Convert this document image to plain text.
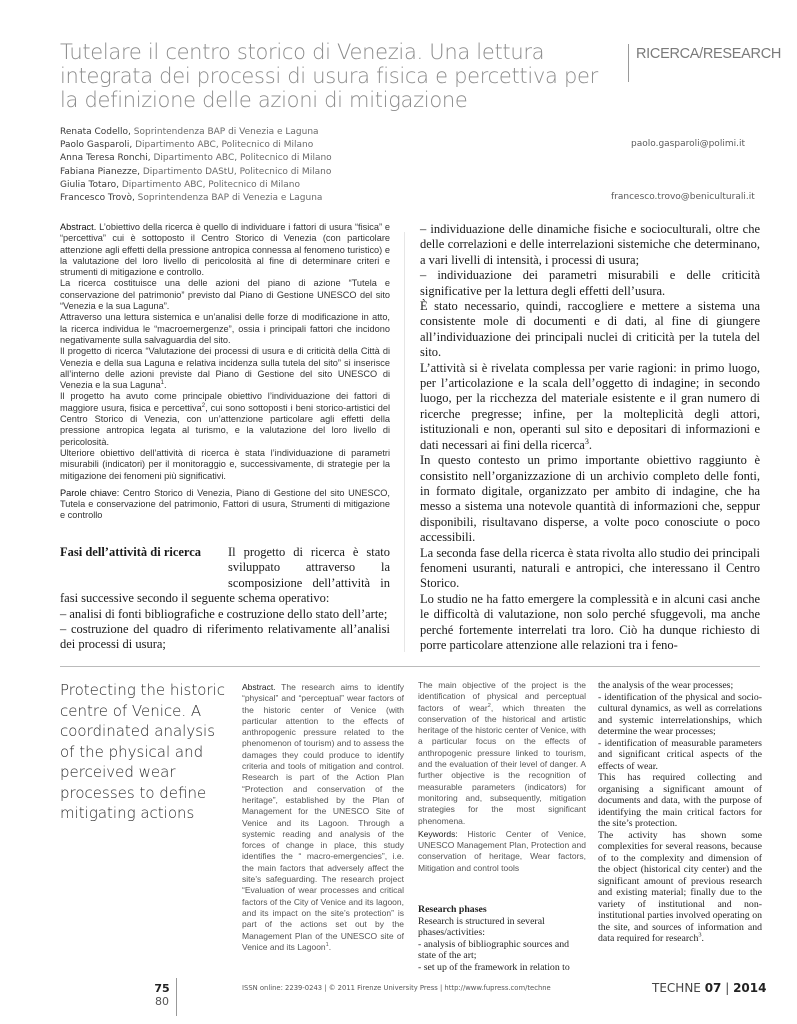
Tutelare il centro storico di Venezia. Una lettura integrata dei processi di usura fisica e percettiva per la definizione delle azioni di mitigazione
RICERCA/RESEARCH
Renata Codello, Soprintendenza BAP di Venezia e Laguna
Paolo Gasparoli, Dipartimento ABC, Politecnico di Milano
Anna Teresa Ronchi, Dipartimento ABC, Politecnico di Milano
Fabiana Pianezze, Dipartimento DAStU, Politecnico di Milano
Giulia Totaro, Dipartimento ABC, Politecnico di Milano
Francesco Trovò, Soprintendenza BAP di Venezia e Laguna
paolo.gasparoli@polimi.it
francesco.trovo@beniculturali.it

Abstract. L’obiettivo della ricerca è quello di individuare i fattori di usura “fisica” e “percettiva” cui è sottoposto il Centro Storico di Venezia (con particolare attenzione agli effetti della pressione antropica connessa al fenomeno turistico) e la valutazione del loro livello di pericolosità al fine di determinare criteri e strumenti di mitigazione e controllo.

La ricerca costituisce una delle azioni del piano di azione “Tutela e conservazione del patrimonio” previsto dal Piano di Gestione UNESCO del sito “Venezia e la sua Laguna”.

Attraverso una lettura sistemica e un’analisi delle forze di modificazione in atto, la ricerca individua le “macroemergenze”, ossia i principali fattori che incidono negativamente sulla salvaguardia del sito.

Il progetto di ricerca “Valutazione dei processi di usura e di criticità della Città di Venezia e della sua Laguna e relativa incidenza sulla tutela del sito” si inserisce all’interno delle azioni previste dal Piano di Gestione del sito UNESCO di Venezia e la sua Laguna$^1$.

Il progetto ha avuto come principale obiettivo l’individuazione dei fattori di maggiore usura, fisica e percettiva$^2$, cui sono sottoposti i beni storico-artistici del Centro Storico di Venezia, con un’attenzione particolare agli effetti della pressione antropica legata al turismo, e la valutazione del loro livello di pericolosità.

Ulteriore obiettivo dell’attività di ricerca è stata l’individuazione di parametri misurabili (indicatori) per il monitoraggio e, successivamente, di strategie per la mitigazione dei fenomeni più significativi.

Parole chiave: Centro Storico di Venezia, Piano di Gestione del sito UNESCO, Tutela e conservazione del patrimonio, Fattori di usura, Strumenti di mitigazione e controllo

– individuazione delle dinamiche fisiche e socioculturali, oltre che delle correlazioni e delle interrelazioni sistemiche che determinano, a vari livelli di intensità, i processi di usura;

– individuazione dei parametri misurabili e delle criticità significative per la lettura degli effetti dell’usura.

È stato necessario, quindi, raccogliere e mettere a sistema una consistente mole di documenti e di dati, al fine di giungere all’individuazione dei principali nuclei di criticità per la tutela del sito.

L’attività si è rivelata complessa per varie ragioni: in primo luogo, per l’articolazione e la scala dell’oggetto di indagine; in secondo luogo, per la ricchezza del materiale esistente e il gran numero di ricerche pregresse; infine, per la molteplicità degli attori, istituzionali e non, operanti sul sito e depositari di informazioni e dati necessari ai fini della ricerca$^3$.

In questo contesto un primo importante obiettivo raggiunto è consistito nell’organizzazione di un archivio completo delle fonti, in formato digitale, organizzato per ambito di indagine, che ha messo a sistema una notevole quantità di informazioni che, seppur disponibili, risultavano disperse, a volte poco conosciute o poco accessibili.

La seconda fase della ricerca è stata rivolta allo studio dei principali fenomeni usuranti, naturali e antropici, che interessano il Centro Storico.

Lo studio ne ha fatto emergere la complessità e in alcuni casi anche le difficoltà di valutazione, non solo perché sfuggevoli, ma anche perché fortemente interrelati tra loro. Ciò ha dunque richiesto di porre particolare attenzione alle relazioni tra i feno-

Fasi dell’attività di ricerca	Il progetto di ricerca è stato sviluppato attraverso la scomposizione dell’attività in fasi successive secondo il seguente schema operativo:

– analisi di fonti bibliografiche e costruzione dello stato dell’arte;

– costruzione del quadro di riferimento relativamente all’analisi dei processi di usura;

Protecting the historic centre of Venice. A coordinated analysis of the physical and perceived wear processes to define mitigating actions
Abstract. The research aims to identify “physical” and “perceptual” wear factors of the historic center of Venice (with particular attention to the effects of anthropogenic pressure related to the phenomenon of tourism) and to assess the damages they could produce to identify criteria and tools of mitigation and control. Research is part of the Action Plan “Protection and conservation of the heritage”, established by the Plan of Management for the UNESCO Site of Venice and its Lagoon. Through a systemic reading and analysis of the forces of change in place, this study identifies the “ macro-emergencies”, i.e. the main factors that adversely affect the site’s safeguarding. The research project “Evaluation of wear processes and critical factors of the City of Venice and its lagoon, and its impact on the site’s protection” is part of the actions set out by the Management Plan of the UNESCO site of Venice and its Lagoon$^1$.

The main objective of the project is the identification of physical and perceptual factors of wear$^2$, which threaten the conservation of the historical and artistic heritage of the historic center of Venice, with a particular focus on the effects of anthropogenic pressure linked to tourism, and the evaluation of their level of danger. A further objective is the recognition of measurable parameters (indicators) for monitoring and, subsequently, mitigation strategies for the most significant phenomena.

Keywords: Historic Center of Venice, UNESCO Management Plan, Protection and conservation of heritage, Wear factors, Mitigation and control tools

Research phases

Research is structured in several phases/activities:

- analysis of bibliographic sources and state of the art;

- set up of the framework in relation to

the analysis of the wear processes;

- identification of the physical and socio-cultural dynamics, as well as correlations and systemic interrelationships, which determine the wear processes;

- identification of measurable parameters and significant critical aspects of the effects of wear.

This has required collecting and organising a significant amount of documents and data, with the purpose of identifying the main critical factors for the site’s protection.

The activity has shown some complexities for several reasons, because of to the complexity and dimension of the object (historical city center) and the significant amount of previous research and existing material; finally due to the variety of institutional and non-institutional parties involved operating on the site, and sources of information and data required for research$^3$.

75
80
ISSN online: 2239-0243 | © 2011 Firenze University Press | http://www.fupress.com/techne	TECHNE 07 | 2014
